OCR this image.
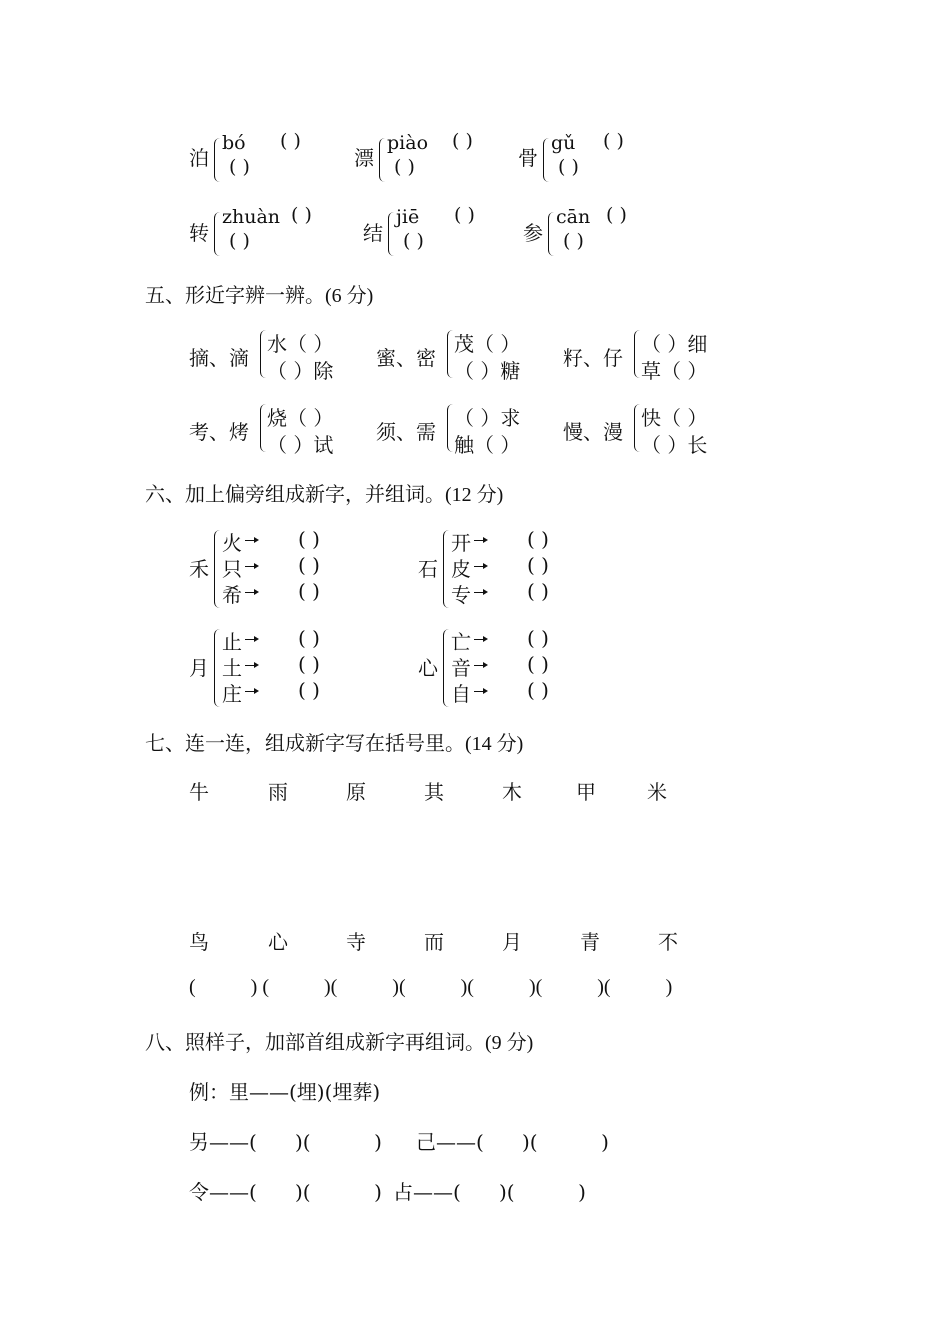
泊
bó ( )
( )	漂
piào ( )
( )	骨
gǔ ( )
( )
转
zhuàn ( )
( )	结
jiē ( )
( )	参
cān ( )
( )
五、形近字辨一辨。(6 分)
摘、滴
水（ ）
（ ）除
蜜、密
茂（ ）
（ ）糖
籽、仔
（ ）细
草（ ）
考、烤
烧（ ）
（ ）试
须、需
（ ）求
触（ ）
慢、漫
快（ ）
（ ）长
六、加上偏旁组成新字，并组词。(12 分)
禾
火	( )
只	( )
希	( )
石
开	( )
皮	( )
专	( )
月
止	( )
土	( )
庄	( )
心
亡	( )
音	( )
自	( )
七、连一连，组成新字写在括号里。(14 分)
牛	雨	原	其	木	甲	米
鸟	心	寺	而	月	青	不
(           ) (           )(           )(           )(           )(           )(           )
八、照样子，加部首组成新字再组词。(9 分)
例：里——(埋)(埋葬)
另——(      )(          ) 己——(      )(          )
令——(      )(          ) 占——(      )(          )
